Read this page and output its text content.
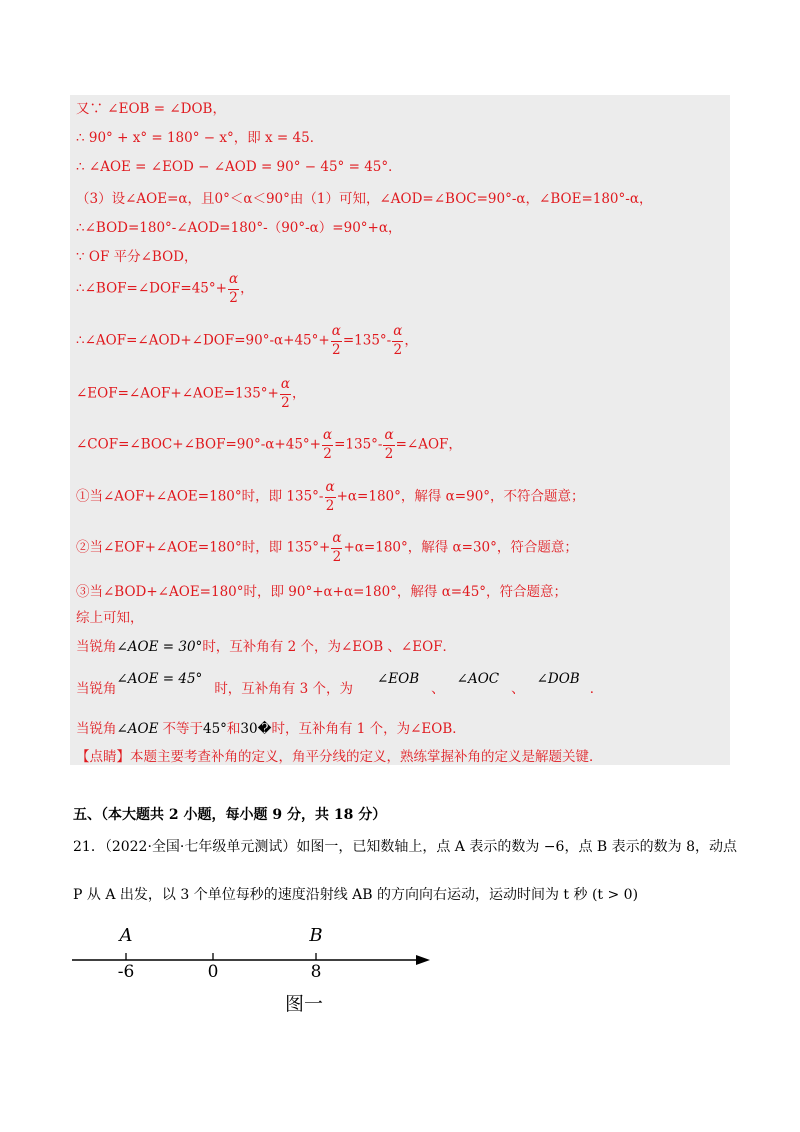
又∵ ∠EOB = ∠DOB，
∴ 90° + x° = 180° − x°，即 x = 45．
∴ ∠AOE = ∠EOD − ∠AOD = 90° − 45° = 45°．
（3）设∠AOE=α，且0°＜α＜90°由（1）可知，∠AOD=∠BOC=90°-α，∠BOE=180°-α，
∴∠BOD=180°-∠AOD=180°-（90°-α）=90°+α，
∵ OF 平分∠BOD，
∴∠BOF=∠DOF=45°+ $\frac{\alpha}{2}$ ，
∴∠AOF=∠AOD+∠DOF=90°-α+45°+ $\frac{\alpha}{2} =135^\circ- \frac{\alpha}{2}$ ，
∠EOF=∠AOF+∠AOE=135°+ $\frac{\alpha}{2}$ ，
∠COF=∠BOC+∠BOF=90°-α+45°+ $\frac{\alpha}{2} =135^\circ- \frac{\alpha}{2}$ =∠AOF，
①当∠AOF+∠AOE=180°时，即 $135^\circ- \frac{\alpha}{2} +\alpha=180^\circ$，解得 α=90°，不符合题意；
②当∠EOF+∠AOE=180°时，即 $135^\circ+ \frac{\alpha}{2} +\alpha=180^\circ$，解得 α=30°，符合题意；
③当∠BOD+∠AOE=180°时，即 90°+α+α=180°，解得 α=45°，符合题意；
综上可知，
当锐角∠AOE = 30°时，互补角有 2 个，为∠EOB 、∠EOF．
当锐角∠AOE = 45°时，互补角有 3 个，为∠EOB、∠AOC、∠DOB．
当锐角∠AOE 不等于45°和30�时，互补角有 1 个，为∠EOB．
【点睛】本题主要考查补角的定义，角平分线的定义，熟练掌握补角的定义是解题关键．
五、（本大题共 2 小题，每小题 9 分，共 18 分）
21．（2022·全国·七年级单元测试）如图一，已知数轴上，点 A 表示的数为 −6，点 B 表示的数为 8，动点
P 从 A 出发，以 3 个单位每秒的速度沿射线 AB 的方向向右运动，运动时间为 t 秒 (t > 0)
A	B
-6	0	8
图一
